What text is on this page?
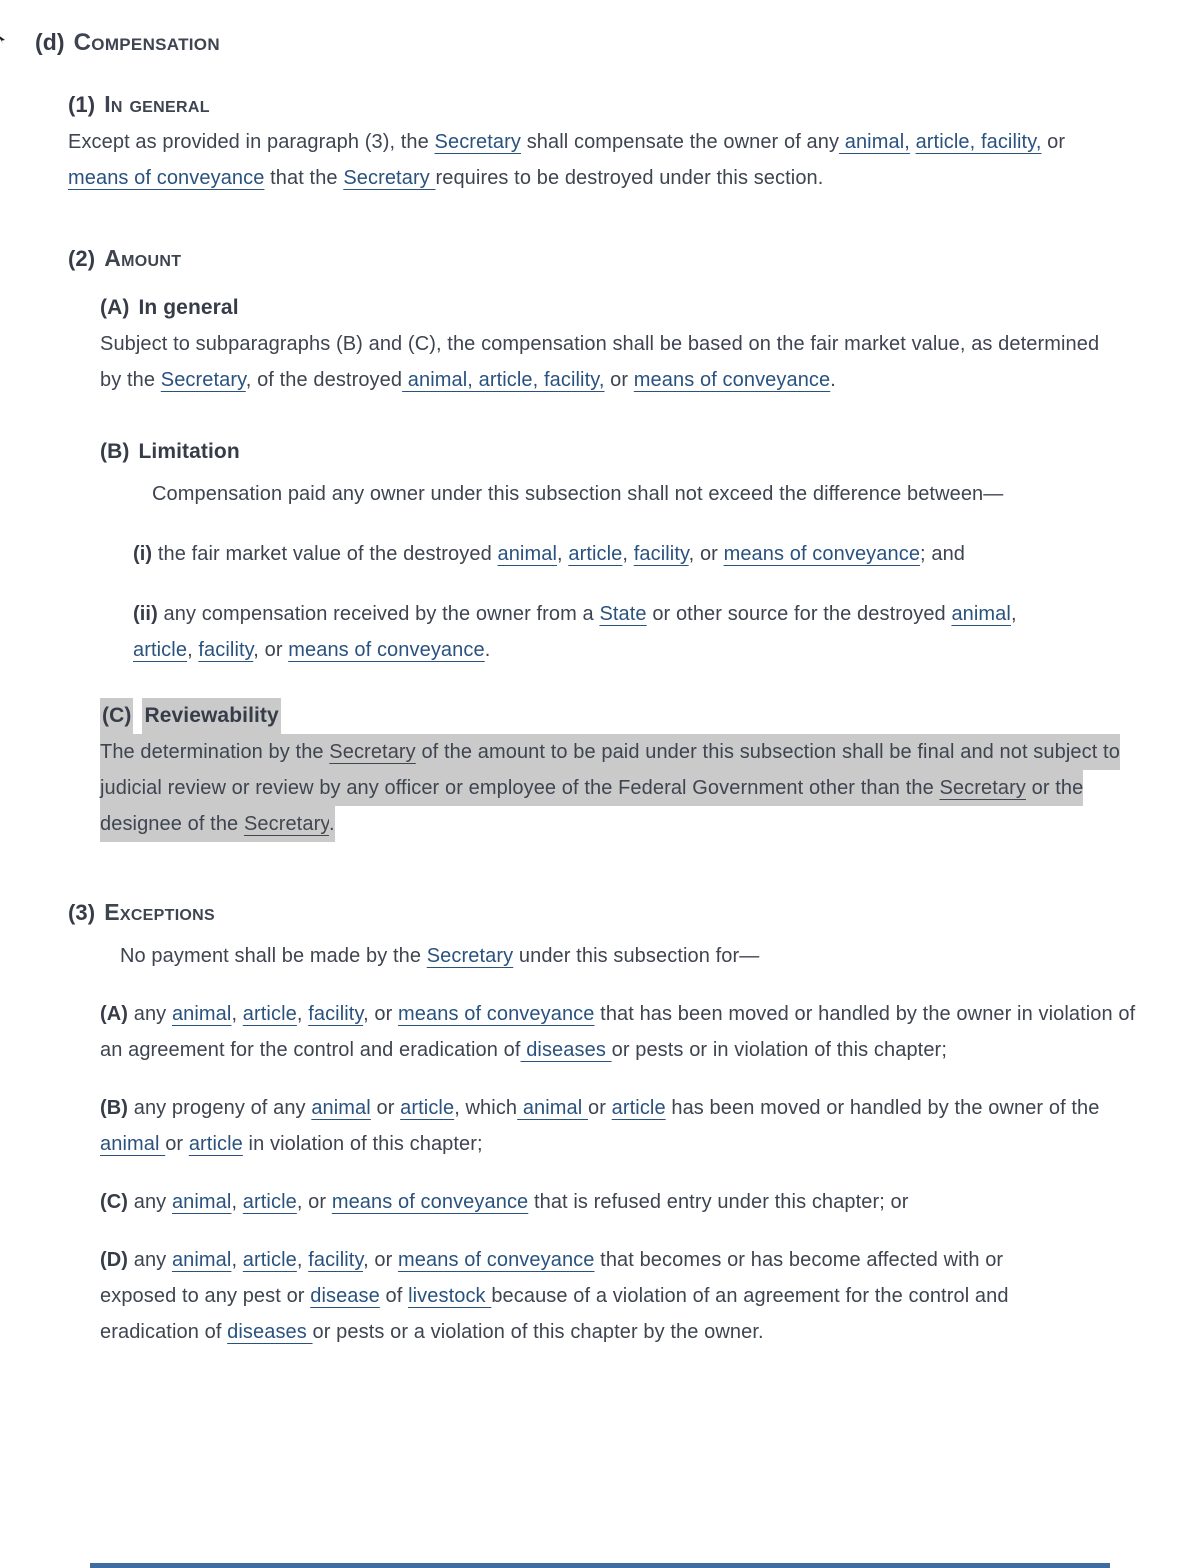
(d) Compensation
(1) In general

Except as provided in paragraph (3), the Secretary shall compensate the owner of any animal, article, facility, or means of conveyance that the Secretary requires to be destroyed under this section.

(2) Amount
(A) In general

Subject to subparagraphs (B) and (C), the compensation shall be based on the fair market value, as determined by the Secretary, of the destroyed animal, article, facility, or means of conveyance.

(B) Limitation

Compensation paid any owner under this subsection shall not exceed the difference between—

(i) the fair market value of the destroyed animal, article, facility, or means of conveyance; and

(ii) any compensation received by the owner from a State or other source for the destroyed animal, article, facility, or means of conveyance.

(C) Reviewability

The determination by the Secretary of the amount to be paid under this subsection shall be final and not subject to judicial review or review by any officer or employee of the Federal Government other than the Secretary or the designee of the Secretary.

(3) Exceptions

No payment shall be made by the Secretary under this subsection for—

(A) any animal, article, facility, or means of conveyance that has been moved or handled by the owner in violation of an agreement for the control and eradication of diseases or pests or in violation of this chapter;

(B) any progeny of any animal or article, which animal or article has been moved or handled by the owner of the animal or article in violation of this chapter;

(C) any animal, article, or means of conveyance that is refused entry under this chapter; or

(D) any animal, article, facility, or means of conveyance that becomes or has become affected with or exposed to any pest or disease of livestock because of a violation of an agreement for the control and eradication of diseases or pests or a violation of this chapter by the owner.
